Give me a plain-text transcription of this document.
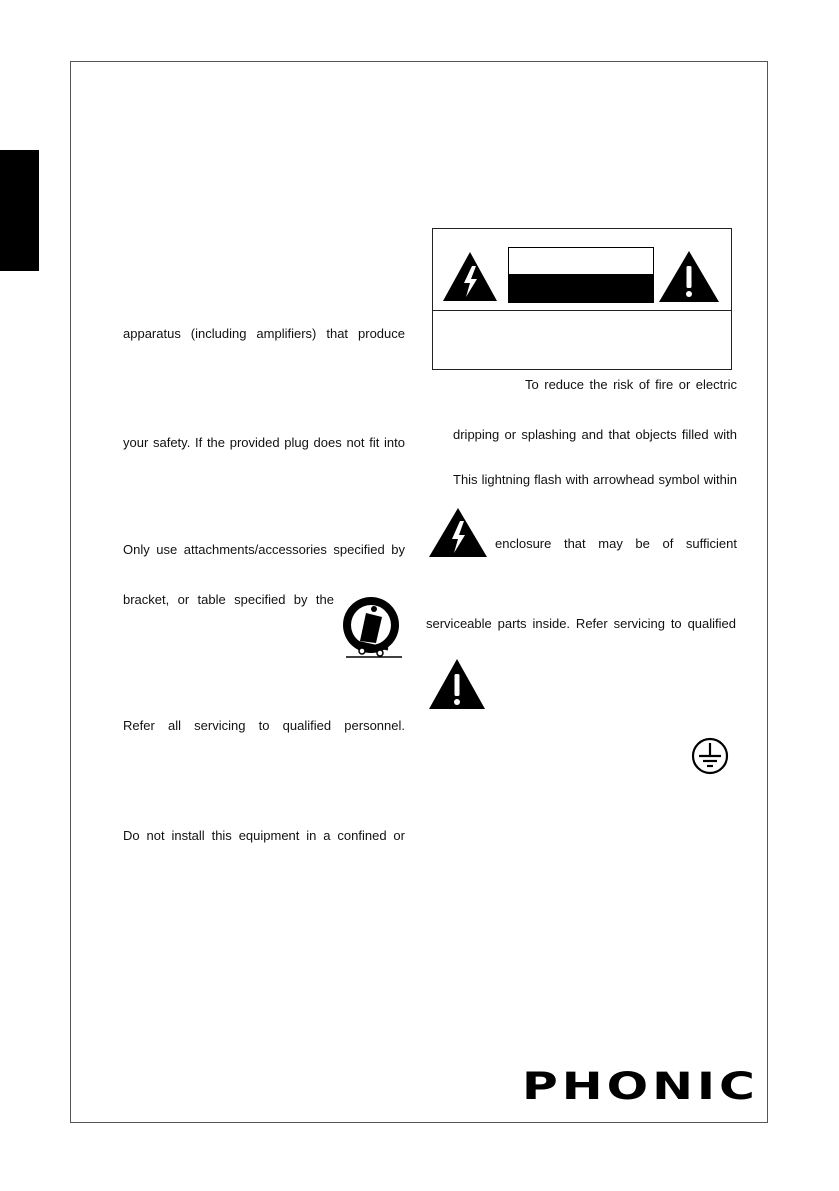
apparatus (including amplifiers) that produce
your safety. If the provided plug does not fit into
Only use attachments/accessories specified by
bracket, or table specified by the
Refer all servicing to qualified personnel.
Do not install this equipment in a confined or
To reduce the risk of fire or electric
dripping or splashing and that objects filled with
This lightning flash with arrowhead symbol within
enclosure that may be of sufficient
serviceable parts inside. Refer servicing to qualified
PHONIC
